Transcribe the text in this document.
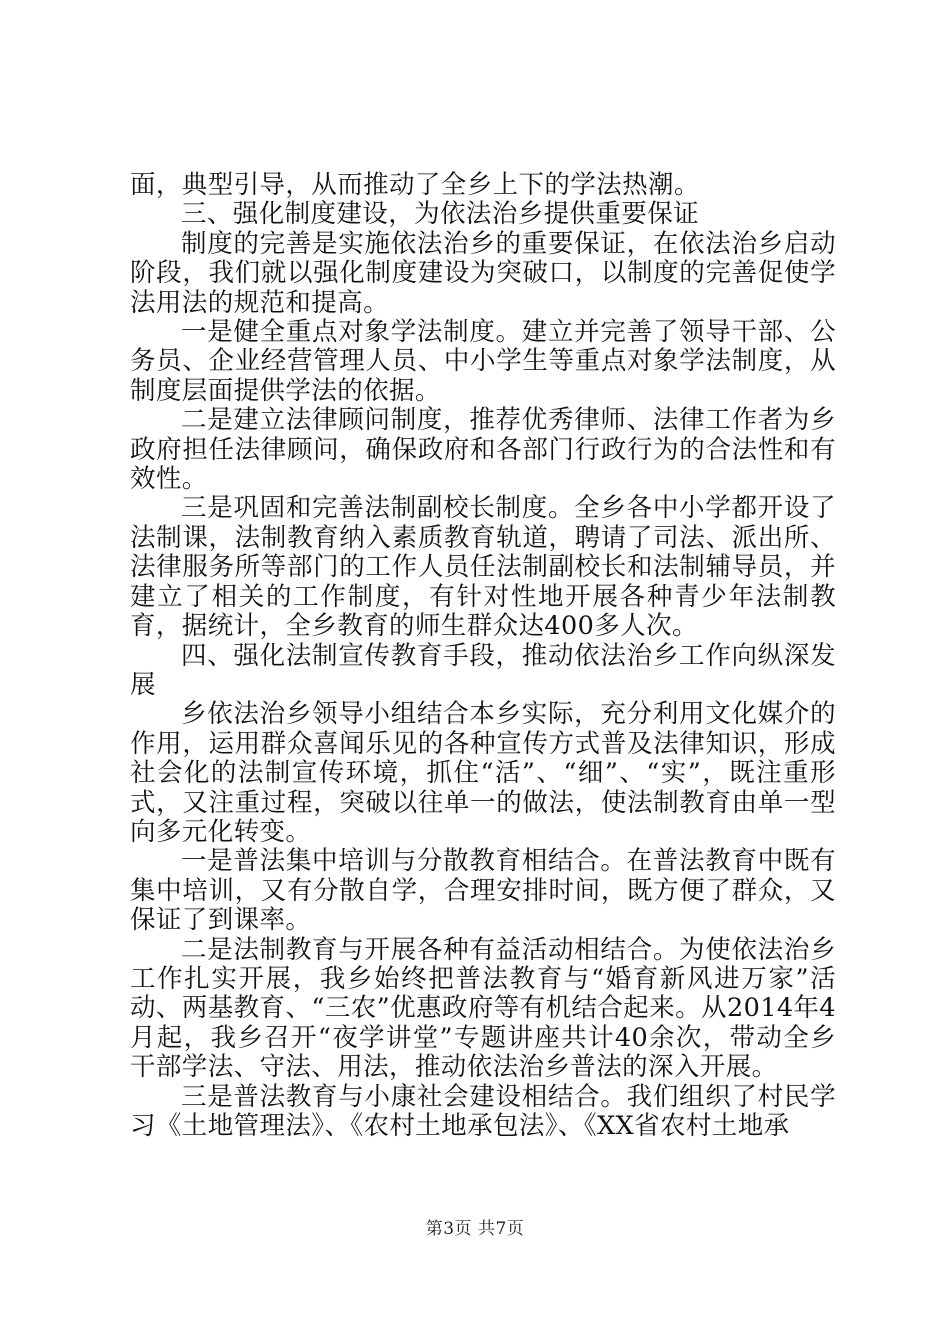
面，典型引导，从而推动了全乡上下的学法热潮。

三、强化制度建设，为依法治乡提供重要保证

制度的完善是实施依法治乡的重要保证，在依法治乡启动阶段，我们就以强化制度建设为突破口，以制度的完善促使学法用法的规范和提高。

一是健全重点对象学法制度。建立并完善了领导干部、公务员、企业经营管理人员、中小学生等重点对象学法制度，从制度层面提供学法的依据。

二是建立法律顾问制度，推荐优秀律师、法律工作者为乡政府担任法律顾问，确保政府和各部门行政行为的合法性和有效性。

三是巩固和完善法制副校长制度。全乡各中小学都开设了法制课，法制教育纳入素质教育轨道，聘请了司法、派出所、法律服务所等部门的工作人员任法制副校长和法制辅导员，并建立了相关的工作制度，有针对性地开展各种青少年法制教育，据统计，全乡教育的师生群众达400多人次。

四、强化法制宣传教育手段，推动依法治乡工作向纵深发展

乡依法治乡领导小组结合本乡实际，充分利用文化媒介的作用，运用群众喜闻乐见的各种宣传方式普及法律知识，形成社会化的法制宣传环境，抓住“活”、“细”、“实”，既注重形式，又注重过程，突破以往单一的做法，使法制教育由单一型向多元化转变。

一是普法集中培训与分散教育相结合。在普法教育中既有集中培训，又有分散自学，合理安排时间，既方便了群众，又保证了到课率。

二是法制教育与开展各种有益活动相结合。为使依法治乡工作扎实开展，我乡始终把普法教育与“婚育新风进万家”活动、两基教育、“三农”优惠政府等有机结合起来。从2014年4月起，我乡召开“夜学讲堂”专题讲座共计40余次，带动全乡干部学法、守法、用法，推动依法治乡普法的深入开展。

三是普法教育与小康社会建设相结合。我们组织了村民学习《土地管理法》、《农村土地承包法》、《XX省农村土地承

第3页 共7页
